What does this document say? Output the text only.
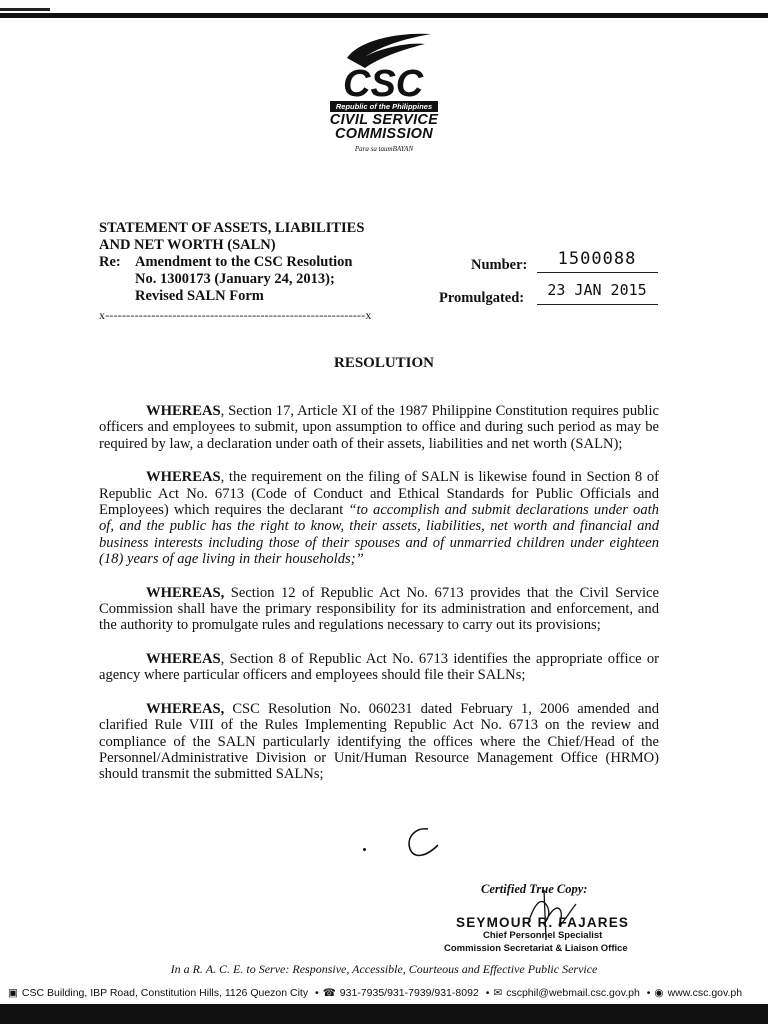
CSC
Republic of the Philippines
CIVIL SERVICE
COMMISSION
Para sa taumBAYAN
STATEMENT OF ASSETS, LIABILITIES
AND NET WORTH (SALN)
Re: Amendment to the CSC Resolution
No. 1300173 (January 24, 2013);
Revised SALN Form
Number:	1500088
Promulgated:	23 JAN 2015
x--------------------------------------------------------------x
RESOLUTION

WHEREAS, Section 17, Article XI of the 1987 Philippine Constitution requires public officers and employees to submit, upon assumption to office and during such period as may be required by law, a declaration under oath of their assets, liabilities and net worth (SALN);

WHEREAS, the requirement on the filing of SALN is likewise found in Section 8 of Republic Act No. 6713 (Code of Conduct and Ethical Standards for Public Officials and Employees) which requires the declarant “to accomplish and submit declarations under oath of, and the public has the right to know, their assets, liabilities, net worth and financial and business interests including those of their spouses and of unmarried children under eighteen (18) years of age living in their households;”

WHEREAS, Section 12 of Republic Act No. 6713 provides that the Civil Service Commission shall have the primary responsibility for its administration and enforcement, and the authority to promulgate rules and regulations necessary to carry out its provisions;

WHEREAS, Section 8 of Republic Act No. 6713 identifies the appropriate office or agency where particular officers and employees should file their SALNs;

WHEREAS, CSC Resolution No. 060231 dated February 1, 2006 amended and clarified Rule VIII of the Rules Implementing Republic Act No. 6713 on the review and compliance of the SALN particularly identifying the offices where the Chief/Head of the Personnel/Administrative Division or Unit/Human Resource Management Office (HRMO) should transmit the submitted SALNs;

Certified True Copy:
SEYMOUR R. FAJARES
Chief Personnel Specialist
Commission Secretariat & Liaison Office
In a R. A. C. E. to Serve: Responsive, Accessible, Courteous and Effective Public Service
▣ CSC Building, IBP Road, Constitution Hills, 1126 Quezon City • ☎ 931-7935/931-7939/931-8092 • ✉ cscphil@webmail.csc.gov.ph • ◉ www.csc.gov.ph
